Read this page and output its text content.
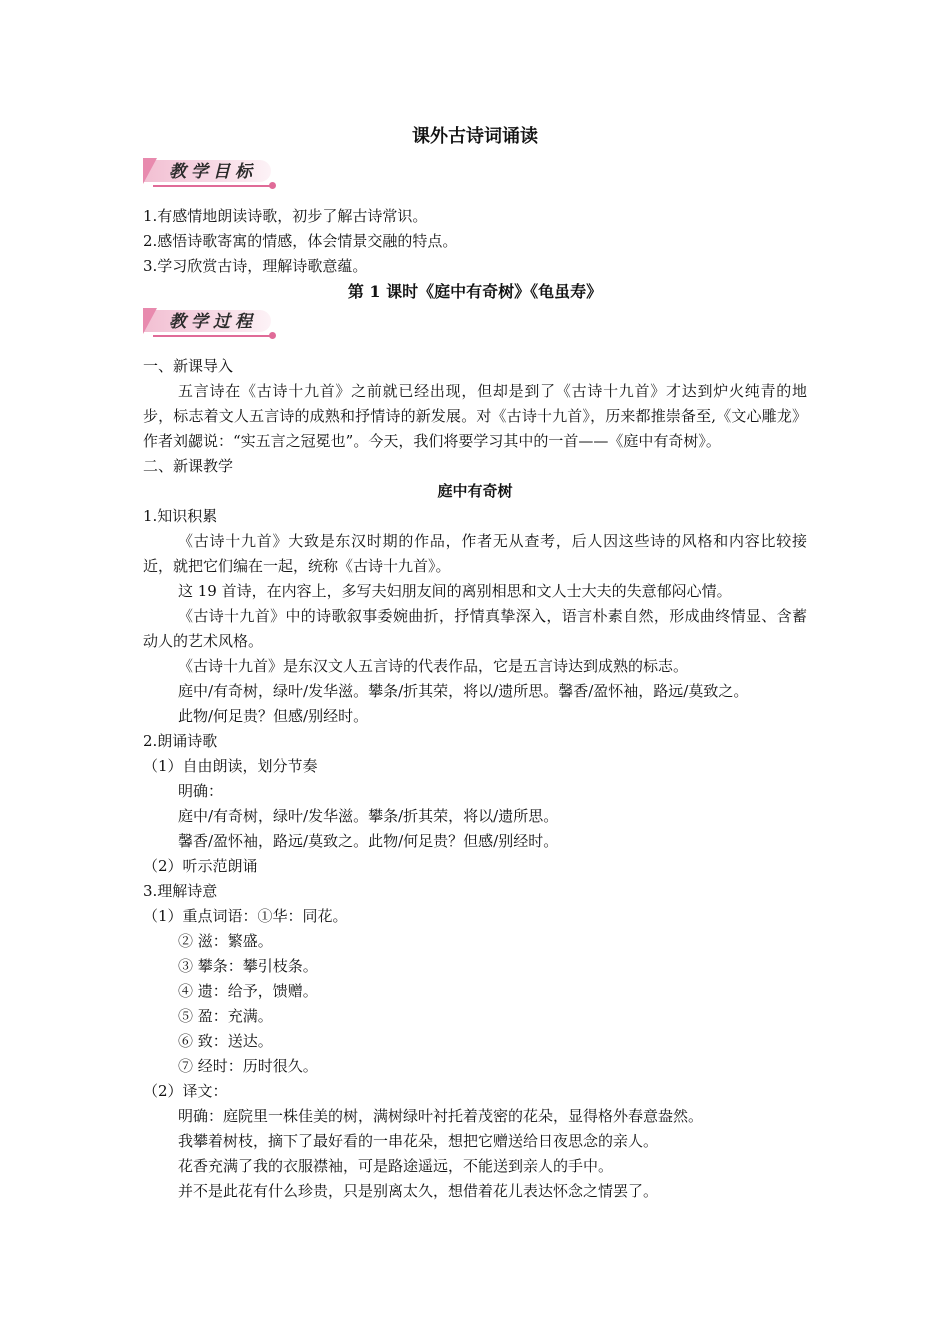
课外古诗词诵读
教学目标
1.有感情地朗读诗歌，初步了解古诗常识。
2.感悟诗歌寄寓的情感，体会情景交融的特点。
3.学习欣赏古诗，理解诗歌意蕴。
第 1 课时《庭中有奇树》《龟虽寿》
教学过程
一、新课导入
五言诗在《古诗十九首》之前就已经出现，但却是到了《古诗十九首》才达到炉火纯青的地步，标志着文人五言诗的成熟和抒情诗的新发展。对《古诗十九首》，历来都推崇备至,《文心雕龙》作者刘勰说：“实五言之冠冕也”。今天，我们将要学习其中的一首——《庭中有奇树》。
二、新课教学
庭中有奇树
1.知识积累
《古诗十九首》大致是东汉时期的作品，作者无从查考，后人因这些诗的风格和内容比较接近，就把它们编在一起，统称《古诗十九首》。
这 19 首诗，在内容上，多写夫妇朋友间的离别相思和文人士大夫的失意郁闷心情。
《古诗十九首》中的诗歌叙事委婉曲折，抒情真挚深入，语言朴素自然，形成曲终情显、含蓄动人的艺术风格。
《古诗十九首》是东汉文人五言诗的代表作品，它是五言诗达到成熟的标志。
庭中/有奇树，绿叶/发华滋。攀条/折其荣，将以/遗所思。馨香/盈怀袖，路远/莫致之。
此物/何足贵？但感/别经时。
2.朗诵诗歌
（1）自由朗读，划分节奏
明确：
庭中/有奇树，绿叶/发华滋。攀条/折其荣，将以/遗所思。
馨香/盈怀袖，路远/莫致之。此物/何足贵？但感/别经时。
（2）听示范朗诵
3.理解诗意
（1）重点词语：①华：同花。
② 滋：繁盛。
③ 攀条：攀引枝条。
④ 遗：给予，馈赠。
⑤ 盈：充满。
⑥ 致：送达。
⑦ 经时：历时很久。
（2）译文：
明确：庭院里一株佳美的树，满树绿叶衬托着茂密的花朵，显得格外春意盎然。
我攀着树枝，摘下了最好看的一串花朵，想把它赠送给日夜思念的亲人。
花香充满了我的衣服襟袖，可是路途遥远，不能送到亲人的手中。
并不是此花有什么珍贵，只是别离太久，想借着花儿表达怀念之情罢了。
